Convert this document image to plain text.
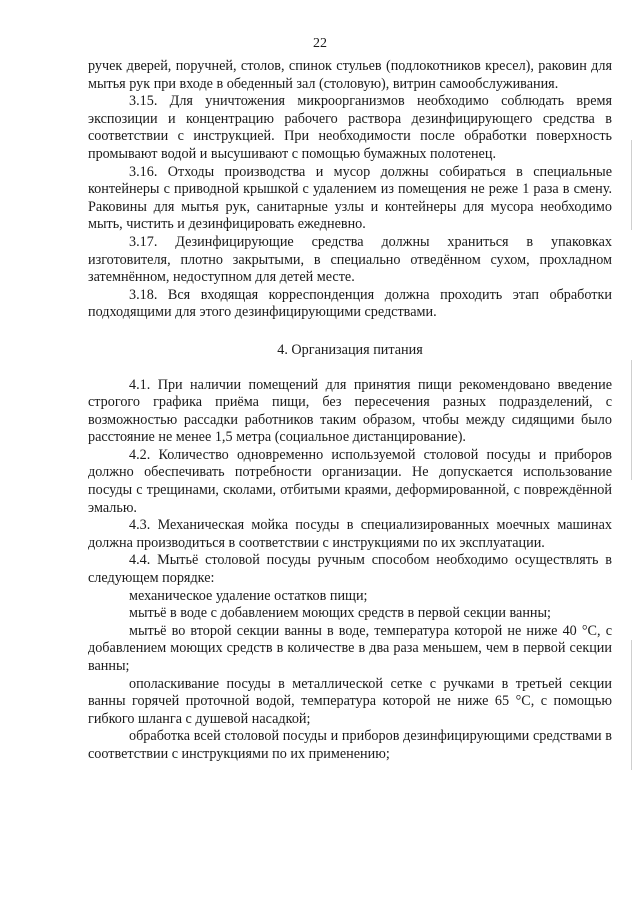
22

ручек дверей, поручней, столов, спинок стульев (подлокотников кресел), раковин для мытья рук при входе в обеденный зал (столовую), витрин самообслуживания.

3.15. Для уничтожения микроорганизмов необходимо соблюдать время экспозиции и концентрацию рабочего раствора дезинфицирующего средства в соответствии с инструкцией. При необходимости после обработки поверхность промывают водой и высушивают с помощью бумажных полотенец.

3.16. Отходы производства и мусор должны собираться в специальные контейнеры с приводной крышкой с удалением из помещения не реже 1 раза в смену. Раковины для мытья рук, санитарные узлы и контейнеры для мусора необходимо мыть, чистить и дезинфицировать ежедневно.

3.17. Дезинфицирующие средства должны храниться в упаковках изготовителя, плотно закрытыми, в специально отведённом сухом, прохладном затемнённом, недоступном для детей месте.

3.18. Вся входящая корреспонденция должна проходить этап обработки подходящими для этого дезинфицирующими средствами.

4. Организация питания

4.1. При наличии помещений для принятия пищи рекомендовано введение строгого графика приёма пищи, без пересечения разных подразделений, с возможностью рассадки работников таким образом, чтобы между сидящими было расстояние не менее 1,5 метра (социальное дистанцирование).

4.2. Количество одновременно используемой столовой посуды и приборов должно обеспечивать потребности организации. Не допускается использование посуды с трещинами, сколами, отбитыми краями, деформированной, с повреждённой эмалью.

4.3. Механическая мойка посуды в специализированных моечных машинах должна производиться в соответствии с инструкциями по их эксплуатации.

4.4. Мытьё столовой посуды ручным способом необходимо осуществлять в следующем порядке:

механическое удаление остатков пищи;

мытьё в воде с добавлением моющих средств в первой секции ванны;

мытьё во второй секции ванны в воде, температура которой не ниже 40 °С, с добавлением моющих средств в количестве в два раза меньшем, чем в первой секции ванны;

ополаскивание посуды в металлической сетке с ручками в третьей секции ванны горячей проточной водой, температура которой не ниже 65 °С, с помощью гибкого шланга с душевой насадкой;

обработка всей столовой посуды и приборов дезинфицирующими средствами в соответствии с инструкциями по их применению;
